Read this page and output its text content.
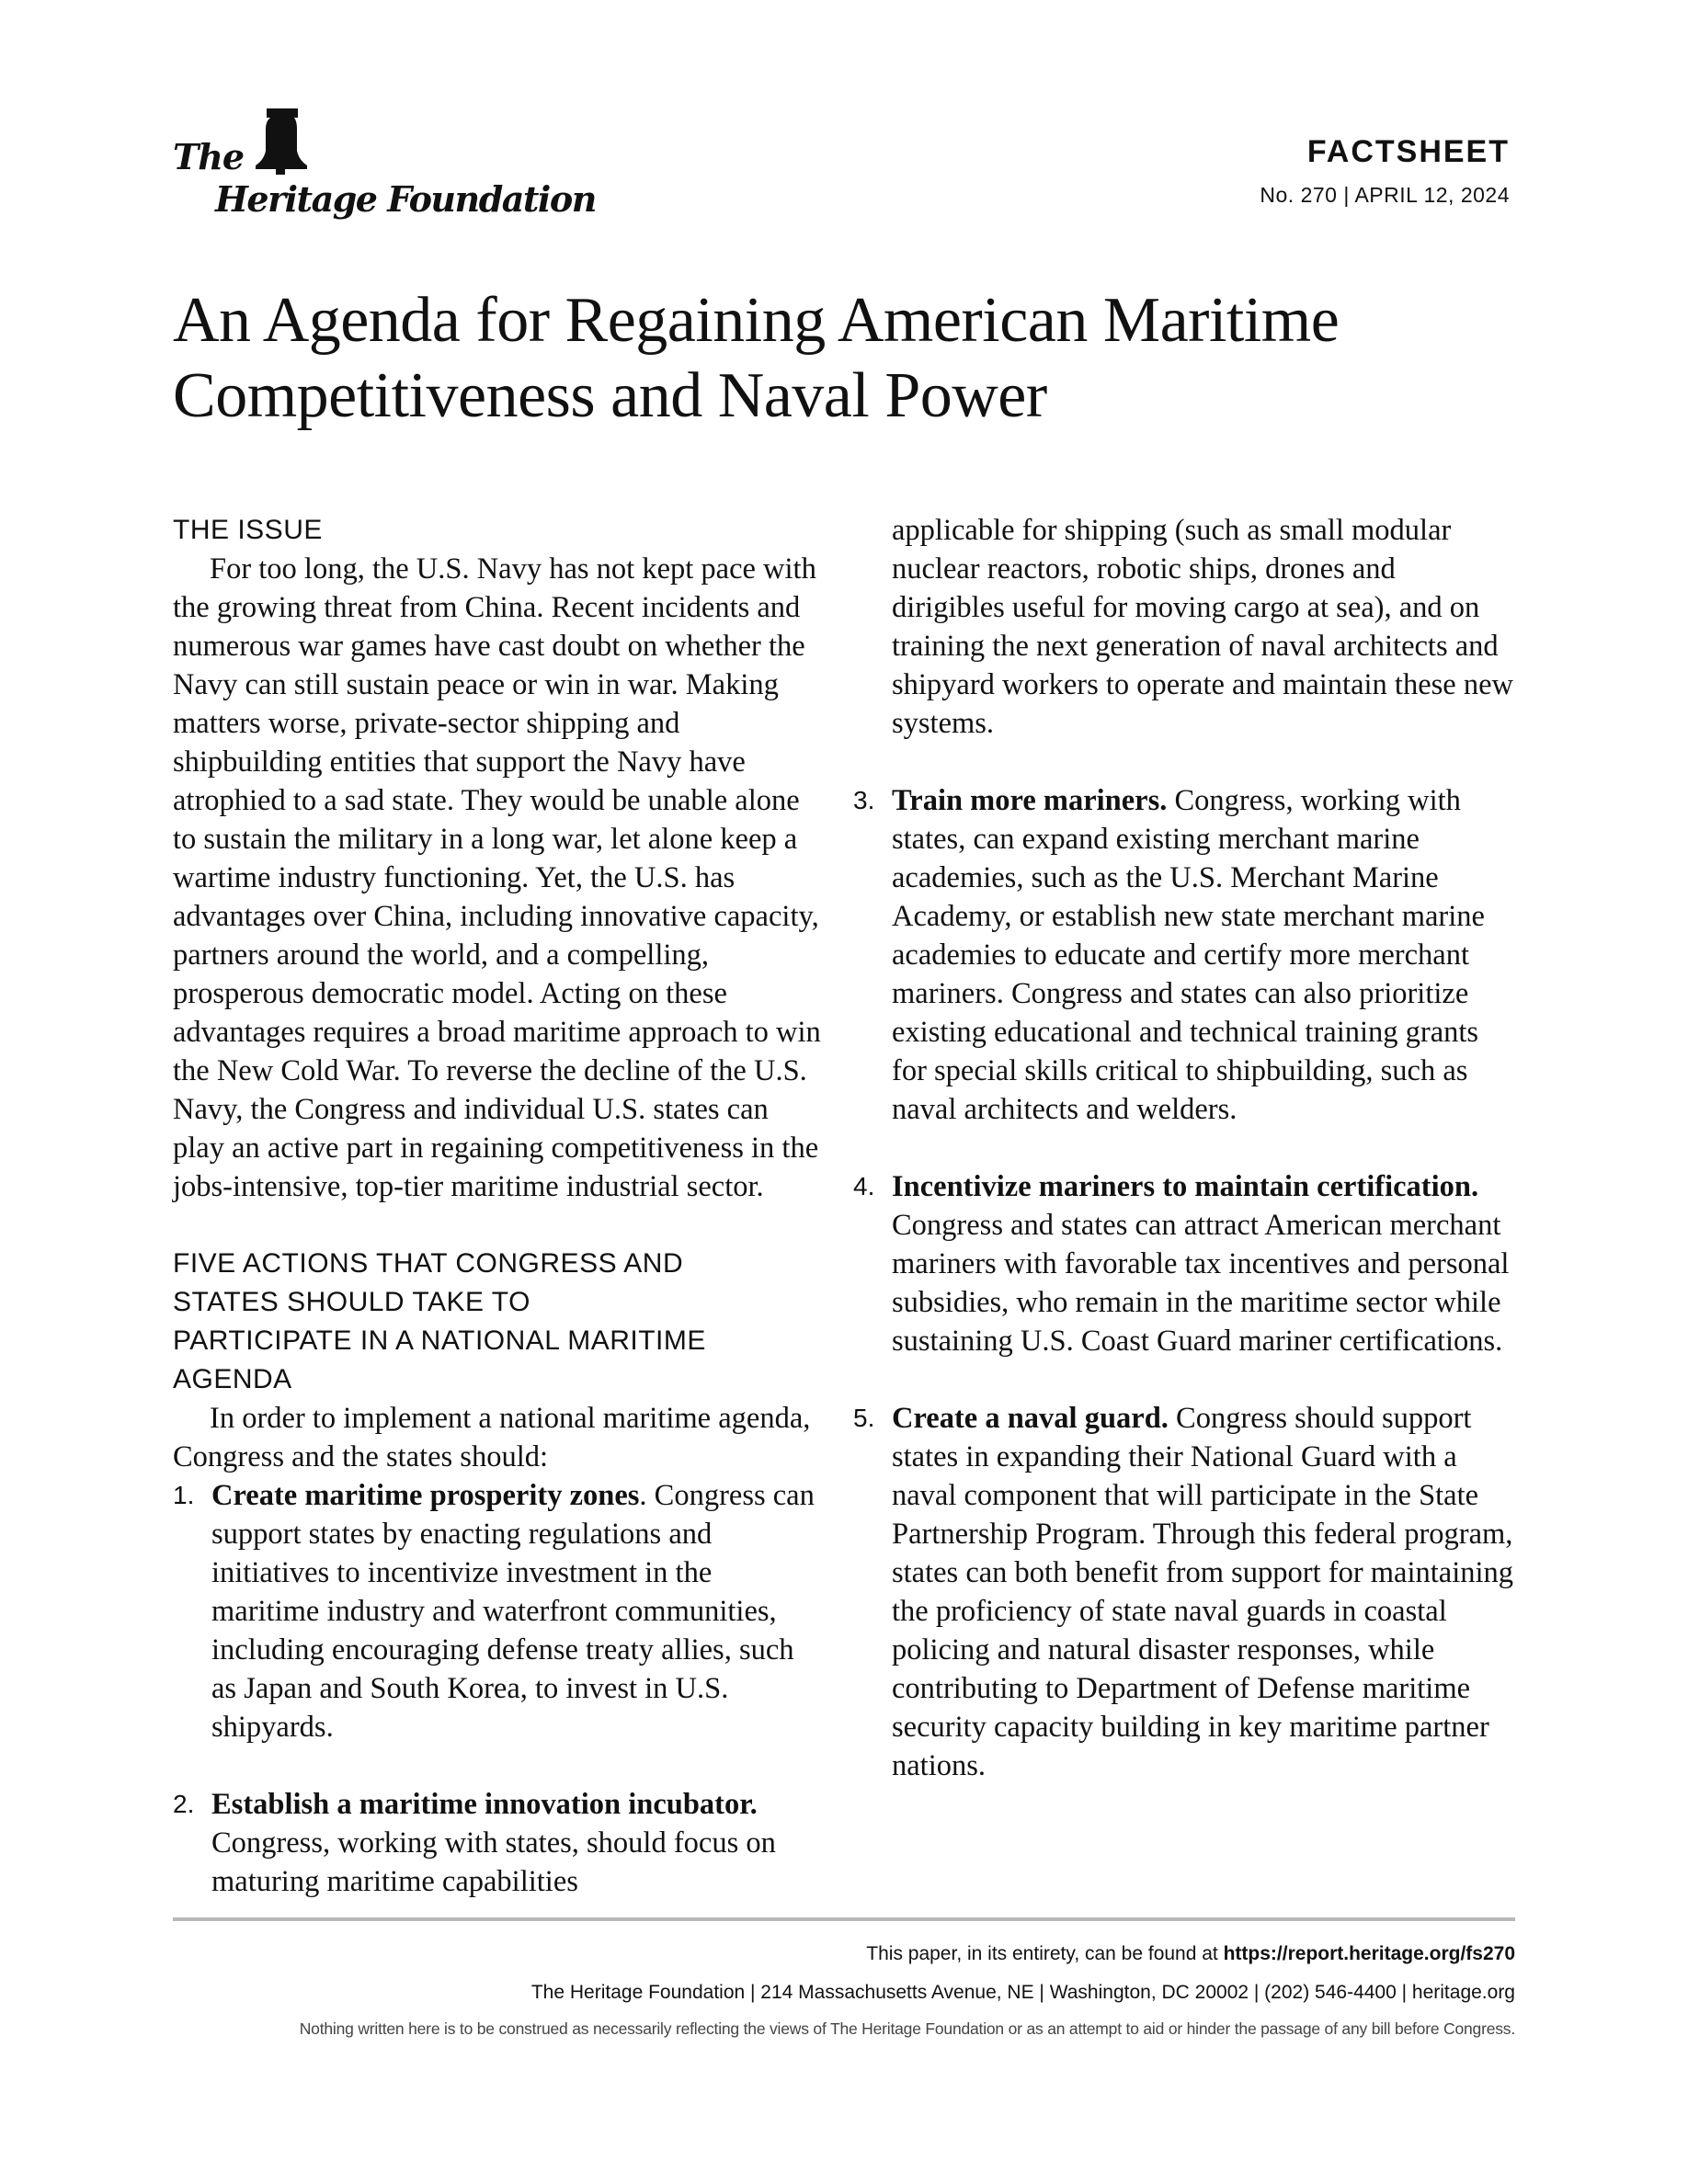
The
Heritage Foundation
FACTSHEET
No. 270 | APRIL 12, 2024
An Agenda for Regaining American Maritime Competitiveness and Naval Power
THE ISSUE

For too long, the U.S. Navy has not kept pace with the growing threat from China. Recent incidents and numerous war games have cast doubt on whether the Navy can still sustain peace or win in war. Making matters worse, private-sector shipping and shipbuilding entities that support the Navy have atrophied to a sad state. They would be unable alone to sustain the military in a long war, let alone keep a wartime industry functioning. Yet, the U.S. has advantages over China, including innovative capacity, partners around the world, and a compelling, prosperous democratic model. Acting on these advantages requires a broad maritime approach to win the New Cold War. To reverse the decline of the U.S. Navy, the Congress and individual U.S. states can play an active part in regaining competitiveness in the jobs-intensive, top-tier maritime industrial sector.

FIVE ACTIONS THAT CONGRESS AND STATES SHOULD TAKE TO PARTICIPATE IN A NATIONAL MARITIME AGENDA

In order to implement a national maritime agenda, Congress and the states should:

1. Create maritime prosperity zones. Congress can support states by enacting regulations and initiatives to incentivize investment in the maritime industry and waterfront communities, including encouraging defense treaty allies, such as Japan and South Korea, to invest in U.S. shipyards.
2. Establish a maritime innovation incubator. Congress, working with states, should focus on maturing maritime capabilities

applicable for shipping (such as small modular nuclear reactors, robotic ships, drones and dirigibles useful for moving cargo at sea), and on training the next generation of naval architects and shipyard workers to operate and maintain these new systems.

3. Train more mariners. Congress, working with states, can expand existing merchant marine academies, such as the U.S. Merchant Marine Academy, or establish new state merchant marine academies to educate and certify more merchant mariners. Congress and states can also prioritize existing educational and technical training grants for special skills critical to shipbuilding, such as naval architects and welders.
4. Incentivize mariners to maintain certification. Congress and states can attract American merchant mariners with favorable tax incentives and personal subsidies, who remain in the maritime sector while sustaining U.S. Coast Guard mariner certifications.
5. Create a naval guard. Congress should support states in expanding their National Guard with a naval component that will participate in the State Partnership Program. Through this federal program, states can both benefit from support for maintaining the proficiency of state naval guards in coastal policing and natural disaster responses, while contributing to Department of Defense maritime security capacity building in key maritime partner nations.
This paper, in its entirety, can be found at https://report.heritage.org/fs270
The Heritage Foundation | 214 Massachusetts Avenue, NE | Washington, DC 20002 | (202) 546-4400 | heritage.org
Nothing written here is to be construed as necessarily reflecting the views of The Heritage Foundation or as an attempt to aid or hinder the passage of any bill before Congress.
